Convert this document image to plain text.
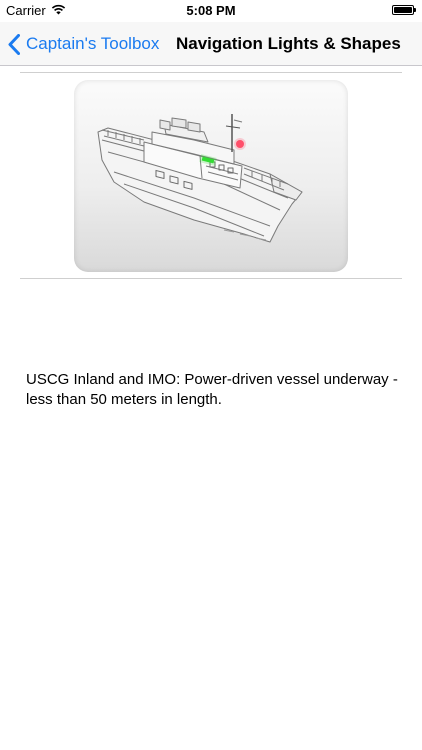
Carrier	5:08 PM
Captain's Toolbox Navigation Lights & Shapes
USCG Inland and IMO: Power-driven vessel underway - less than 50 meters in length.
